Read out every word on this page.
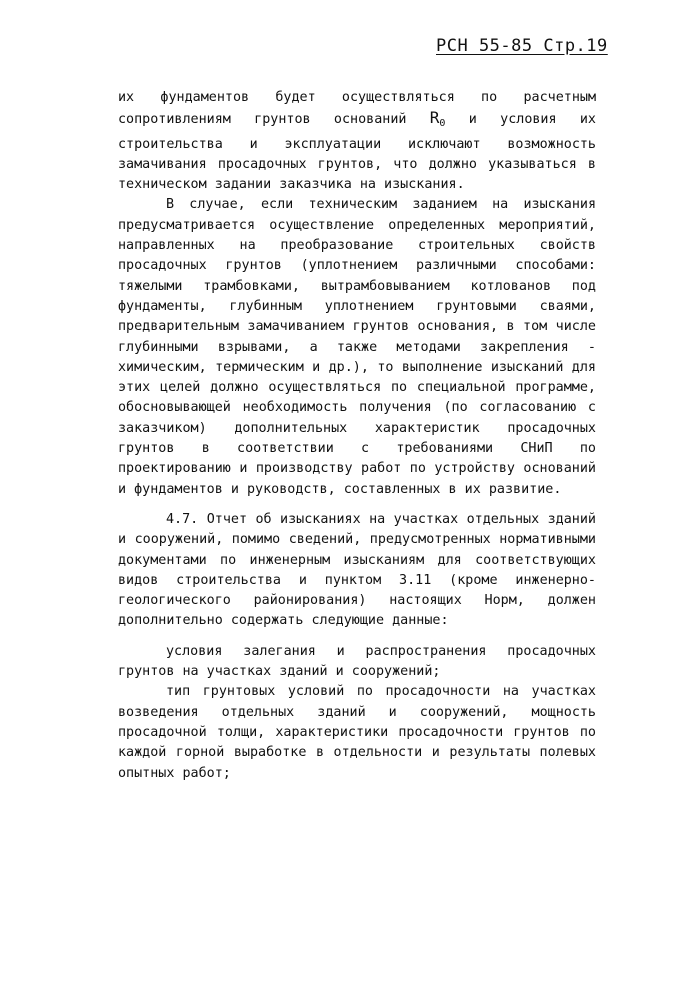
РСН 55-85 Стр.19

их фундаментов будет осуществляться по расчетным сопротивлениям грунтов оснований $R_0$ и условия их строительства и эксплуатации исключают возможность замачивания просадочных грунтов, что должно указываться в техническом задании заказчика на изыскания.

В случае, если техническим заданием на изыскания предусматривается осуществление определенных мероприятий, направленных на преобразование строительных свойств просадочных грунтов (уплотнением различными способами: тяжелыми трамбовками, вытрамбовыванием котлованов под фундаменты, глубинным уплотнением грунтовыми сваями, предварительным замачиванием грунтов основания, в том числе глубинными взрывами, а также методами закрепления - химическим, термическим и др.), то выполнение изысканий для этих целей должно осуществляться по специальной программе, обосновывающей необходимость получения (по согласованию с заказчиком) дополнительных характеристик просадочных грунтов в соответствии с требованиями СНиП по проектированию и производству работ по устройству оснований и фундаментов и руководств, составленных в их развитие.

4.7. Отчет об изысканиях на участках отдельных зданий и сооружений, помимо сведений, предусмотренных нормативными документами по инженерным изысканиям для соответствующих видов строительства и пунктом 3.11 (кроме инженерно-геологического районирования) настоящих Норм, должен дополнительно содержать следующие данные:

условия залегания и распространения просадочных грунтов на участках зданий и сооружений;

тип грунтовых условий по просадочности на участках возведения отдельных зданий и сооружений, мощность просадочной толщи, характеристики просадочности грунтов по каждой горной выработке в отдельности и результаты полевых опытных работ;
